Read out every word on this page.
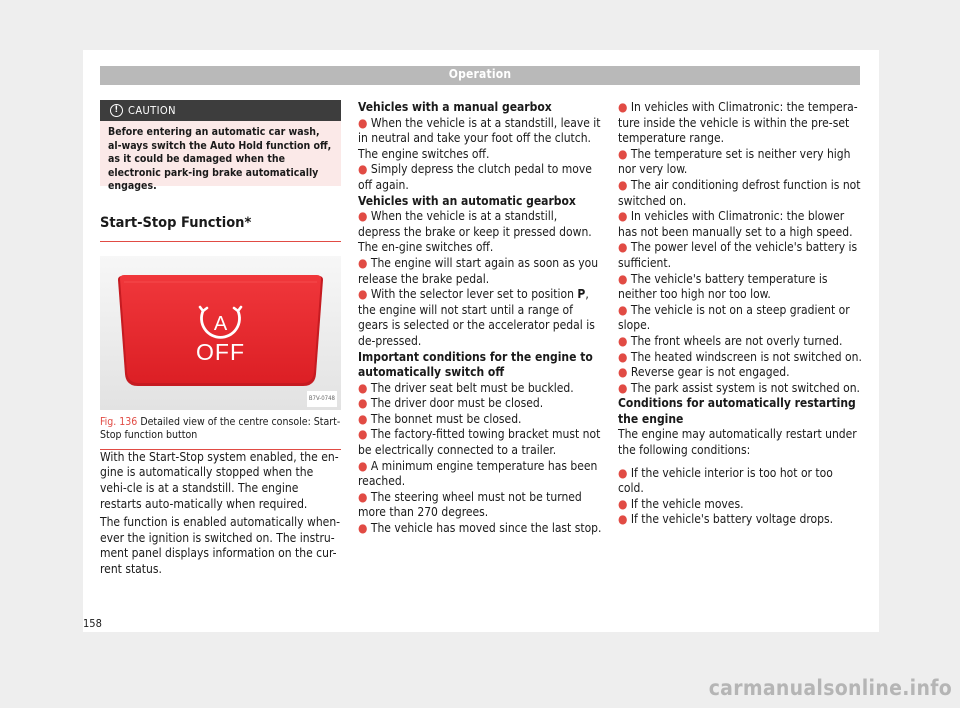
Operation
! CAUTION
Before entering an automatic car wash, al-ways switch the Auto Hold function off, as it could be damaged when the electronic park-ing brake automatically engages.
Start-Stop Function*
A
OFF
B7V-0748
Fig. 136 Detailed view of the centre console: Start-Stop function button

With the Start-Stop system enabled, the en-gine is automatically stopped when the vehi-cle is at a standstill. The engine restarts auto-matically when required.

The function is enabled automatically when-ever the ignition is switched on. The instru-ment panel displays information on the cur-rent status.

Vehicles with a manual gearbox

● When the vehicle is at a standstill, leave it in neutral and take your foot off the clutch. The engine switches off.

● Simply depress the clutch pedal to move off again.

Vehicles with an automatic gearbox

● When the vehicle is at a standstill, depress the brake or keep it pressed down. The en-gine switches off.

● The engine will start again as soon as you release the brake pedal.

● With the selector lever set to position P, the engine will not start until a range of gears is selected or the accelerator pedal is de-pressed.

Important conditions for the engine to automatically switch off

● The driver seat belt must be buckled.

● The driver door must be closed.

● The bonnet must be closed.

● The factory-fitted towing bracket must not be electrically connected to a trailer.

● A minimum engine temperature has been reached.

● The steering wheel must not be turned more than 270 degrees.

● The vehicle has moved since the last stop.

● In vehicles with Climatronic: the tempera-ture inside the vehicle is within the pre-set temperature range.

● The temperature set is neither very high nor very low.

● The air conditioning defrost function is not switched on.

● In vehicles with Climatronic: the blower has not been manually set to a high speed.

● The power level of the vehicle's battery is sufficient.

● The vehicle's battery temperature is neither too high nor too low.

● The vehicle is not on a steep gradient or slope.

● The front wheels are not overly turned.

● The heated windscreen is not switched on.

● Reverse gear is not engaged.

● The park assist system is not switched on.

Conditions for automatically restarting the engine

The engine may automatically restart under the following conditions:

● If the vehicle interior is too hot or too cold.

● If the vehicle moves.

● If the vehicle's battery voltage drops.

158
carmanualsonline.info
